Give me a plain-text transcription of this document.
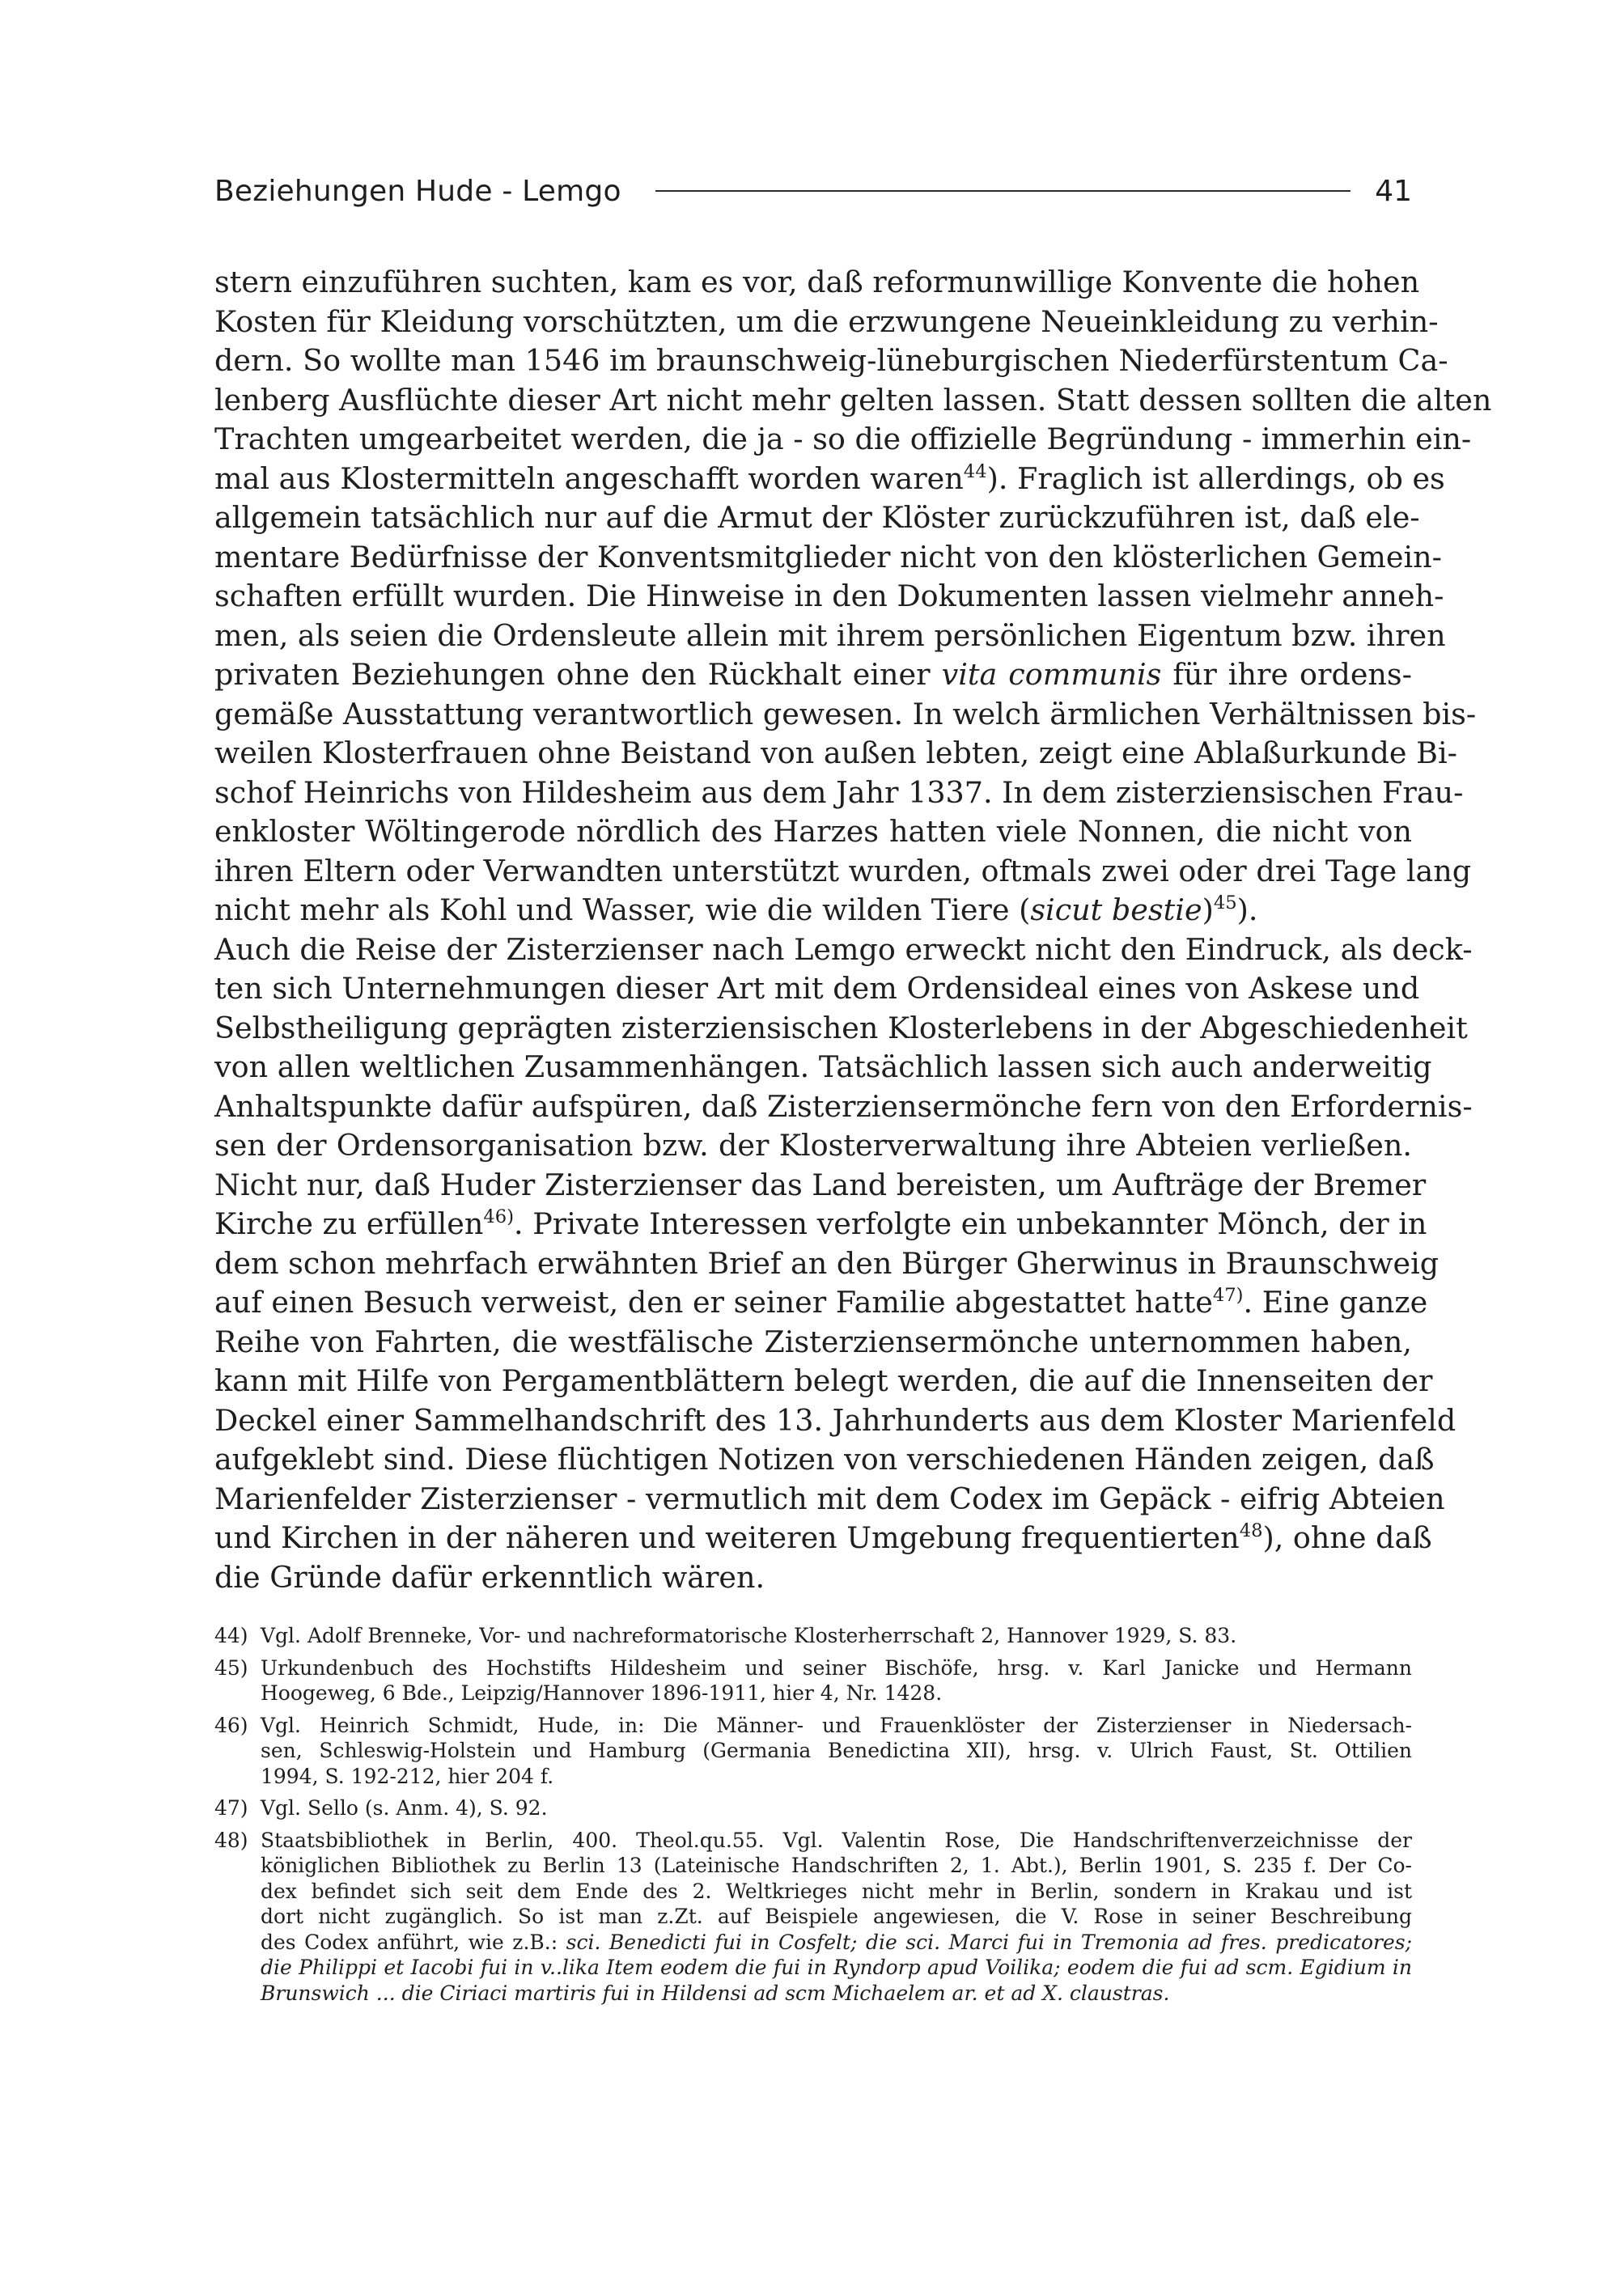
Beziehungen Hude - Lemgo	41
stern einzuführen suchten, kam es vor, daß reformunwillige Konvente die hohen
Kosten für Kleidung vorschützten, um die erzwungene Neueinkleidung zu verhin-
dern. So wollte man 1546 im braunschweig-lüneburgischen Niederfürstentum Ca-
lenberg Ausflüchte dieser Art nicht mehr gelten lassen. Statt dessen sollten die alten
Trachten umgearbeitet werden, die ja - so die offizielle Begründung - immerhin ein-
mal aus Klostermitteln angeschafft worden waren$^{44}$). Fraglich ist allerdings, ob es
allgemein tatsächlich nur auf die Armut der Klöster zurückzuführen ist, daß ele-
mentare Bedürfnisse der Konventsmitglieder nicht von den klösterlichen Gemein-
schaften erfüllt wurden. Die Hinweise in den Dokumenten lassen vielmehr anneh-
men, als seien die Ordensleute allein mit ihrem persönlichen Eigentum bzw. ihren
privaten Beziehungen ohne den Rückhalt einer vita communis für ihre ordens-
gemäße Ausstattung verantwortlich gewesen. In welch ärmlichen Verhältnissen bis-
weilen Klosterfrauen ohne Beistand von außen lebten, zeigt eine Ablaßurkunde Bi-
schof Heinrichs von Hildesheim aus dem Jahr 1337. In dem zisterziensischen Frau-
enkloster Wöltingerode nördlich des Harzes hatten viele Nonnen, die nicht von
ihren Eltern oder Verwandten unterstützt wurden, oftmals zwei oder drei Tage lang
nicht mehr als Kohl und Wasser, wie die wilden Tiere (sicut bestie)$^{45}$).
Auch die Reise der Zisterzienser nach Lemgo erweckt nicht den Eindruck, als deck-
ten sich Unternehmungen dieser Art mit dem Ordensideal eines von Askese und
Selbstheiligung geprägten zisterziensischen Klosterlebens in der Abgeschiedenheit
von allen weltlichen Zusammenhängen. Tatsächlich lassen sich auch anderweitig
Anhaltspunkte dafür aufspüren, daß Zisterziensermönche fern von den Erfordernis-
sen der Ordensorganisation bzw. der Klosterverwaltung ihre Abteien verließen.
Nicht nur, daß Huder Zisterzienser das Land bereisten, um Aufträge der Bremer
Kirche zu erfüllen$^{46)}$. Private Interessen verfolgte ein unbekannter Mönch, der in
dem schon mehrfach erwähnten Brief an den Bürger Gherwinus in Braunschweig
auf einen Besuch verweist, den er seiner Familie abgestattet hatte$^{47)}$. Eine ganze
Reihe von Fahrten, die westfälische Zisterziensermönche unternommen haben,
kann mit Hilfe von Pergamentblättern belegt werden, die auf die Innenseiten der
Deckel einer Sammelhandschrift des 13. Jahrhunderts aus dem Kloster Marienfeld
aufgeklebt sind. Diese flüchtigen Notizen von verschiedenen Händen zeigen, daß
Marienfelder Zisterzienser - vermutlich mit dem Codex im Gepäck - eifrig Abteien
und Kirchen in der näheren und weiteren Umgebung frequentierten$^{48}$), ohne daß
die Gründe dafür erkenntlich wären.
44) Vgl. Adolf Brenneke, Vor- und nachreformatorische Klosterherrschaft 2, Hannover 1929, S. 83.
45) Urkundenbuch des Hochstifts Hildesheim und seiner Bischöfe, hrsg. v. Karl Janicke und Hermann
Hoogeweg, 6 Bde., Leipzig/Hannover 1896-1911, hier 4, Nr. 1428.
46) Vgl. Heinrich Schmidt, Hude, in: Die Männer- und Frauenklöster der Zisterzienser in Niedersach-
sen, Schleswig-Holstein und Hamburg (Germania Benedictina XII), hrsg. v. Ulrich Faust, St. Ottilien
1994, S. 192-212, hier 204 f.
47) Vgl. Sello (s. Anm. 4), S. 92.
48) Staatsbibliothek in Berlin, 400. Theol.qu.55. Vgl. Valentin Rose, Die Handschriftenverzeichnisse der
königlichen Bibliothek zu Berlin 13 (Lateinische Handschriften 2, 1. Abt.), Berlin 1901, S. 235 f. Der Co-
dex befindet sich seit dem Ende des 2. Weltkrieges nicht mehr in Berlin, sondern in Krakau und ist
dort nicht zugänglich. So ist man z.Zt. auf Beispiele angewiesen, die V. Rose in seiner Beschreibung
des Codex anführt, wie z.B.: sci. Benedicti fui in Cosfelt; die sci. Marci fui in Tremonia ad fres. predicatores;
die Philippi et Iacobi fui in v..lika Item eodem die fui in Ryndorp apud Voilika; eodem die fui ad scm. Egidium in
Brunswich ... die Ciriaci martiris fui in Hildensi ad scm Michaelem ar. et ad X. claustras.
